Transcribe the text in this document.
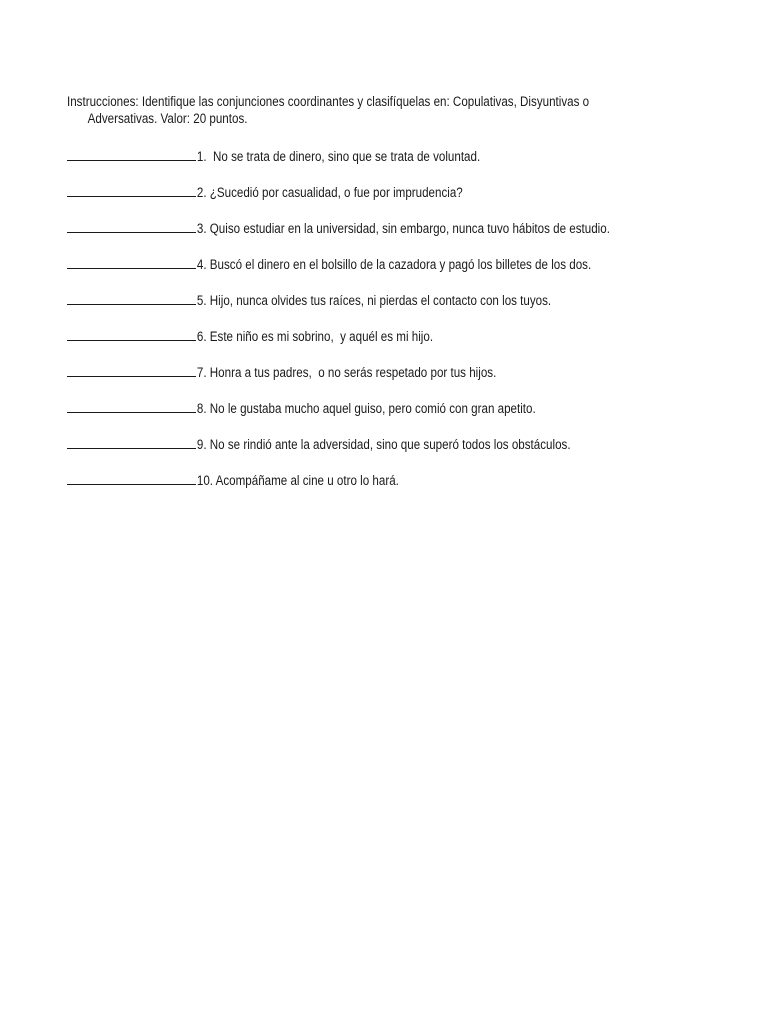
Instrucciones: Identifique las conjunciones coordinantes y clasifíquelas en: Copulativas, Disyuntivas o
Adversativas. Valor: 20 puntos.
1.  No se trata de dinero, sino que se trata de voluntad.
2. ¿Sucedió por casualidad, o fue por imprudencia?
3. Quiso estudiar en la universidad, sin embargo, nunca tuvo hábitos de estudio.
4. Buscó el dinero en el bolsillo de la cazadora y pagó los billetes de los dos.
5. Hijo, nunca olvides tus raíces, ni pierdas el contacto con los tuyos.
6. Este niño es mi sobrino,  y aquél es mi hijo.
7. Honra a tus padres,  o no serás respetado por tus hijos.
8. No le gustaba mucho aquel guiso, pero comió con gran apetito.
9. No se rindió ante la adversidad, sino que superó todos los obstáculos.
10. Acompáñame al cine u otro lo hará.
